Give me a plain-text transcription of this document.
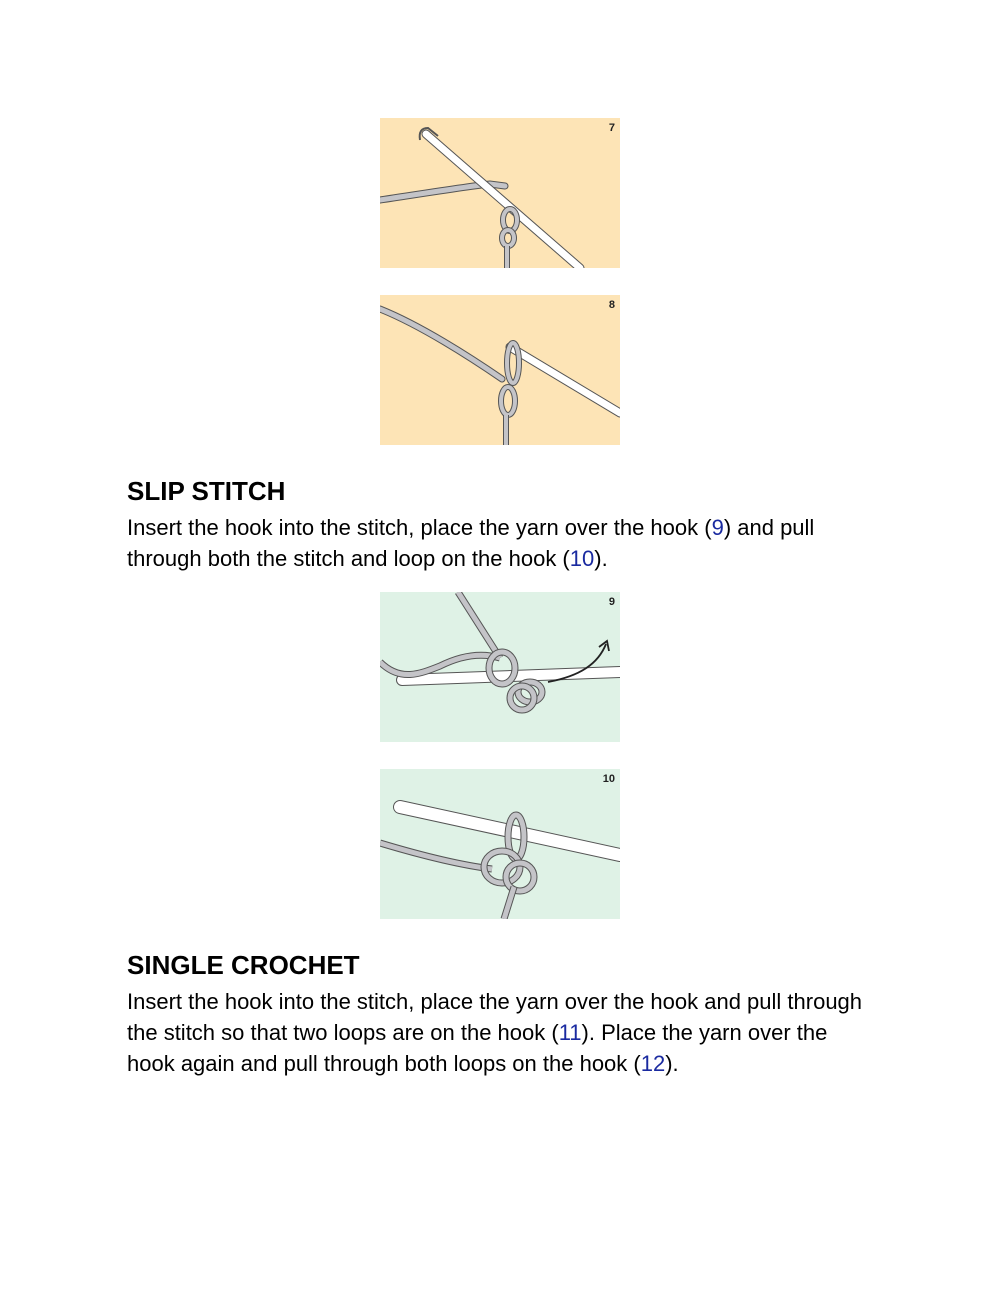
7
8
SLIP STITCH

Insert the hook into the stitch, place the yarn over the hook (9) and pull through both the stitch and loop on the hook (10).

9
10
SINGLE CROCHET

Insert the hook into the stitch, place the yarn over the hook and pull through the stitch so that two loops are on the hook (11). Place the yarn over the hook again and pull through both loops on the hook (12).
